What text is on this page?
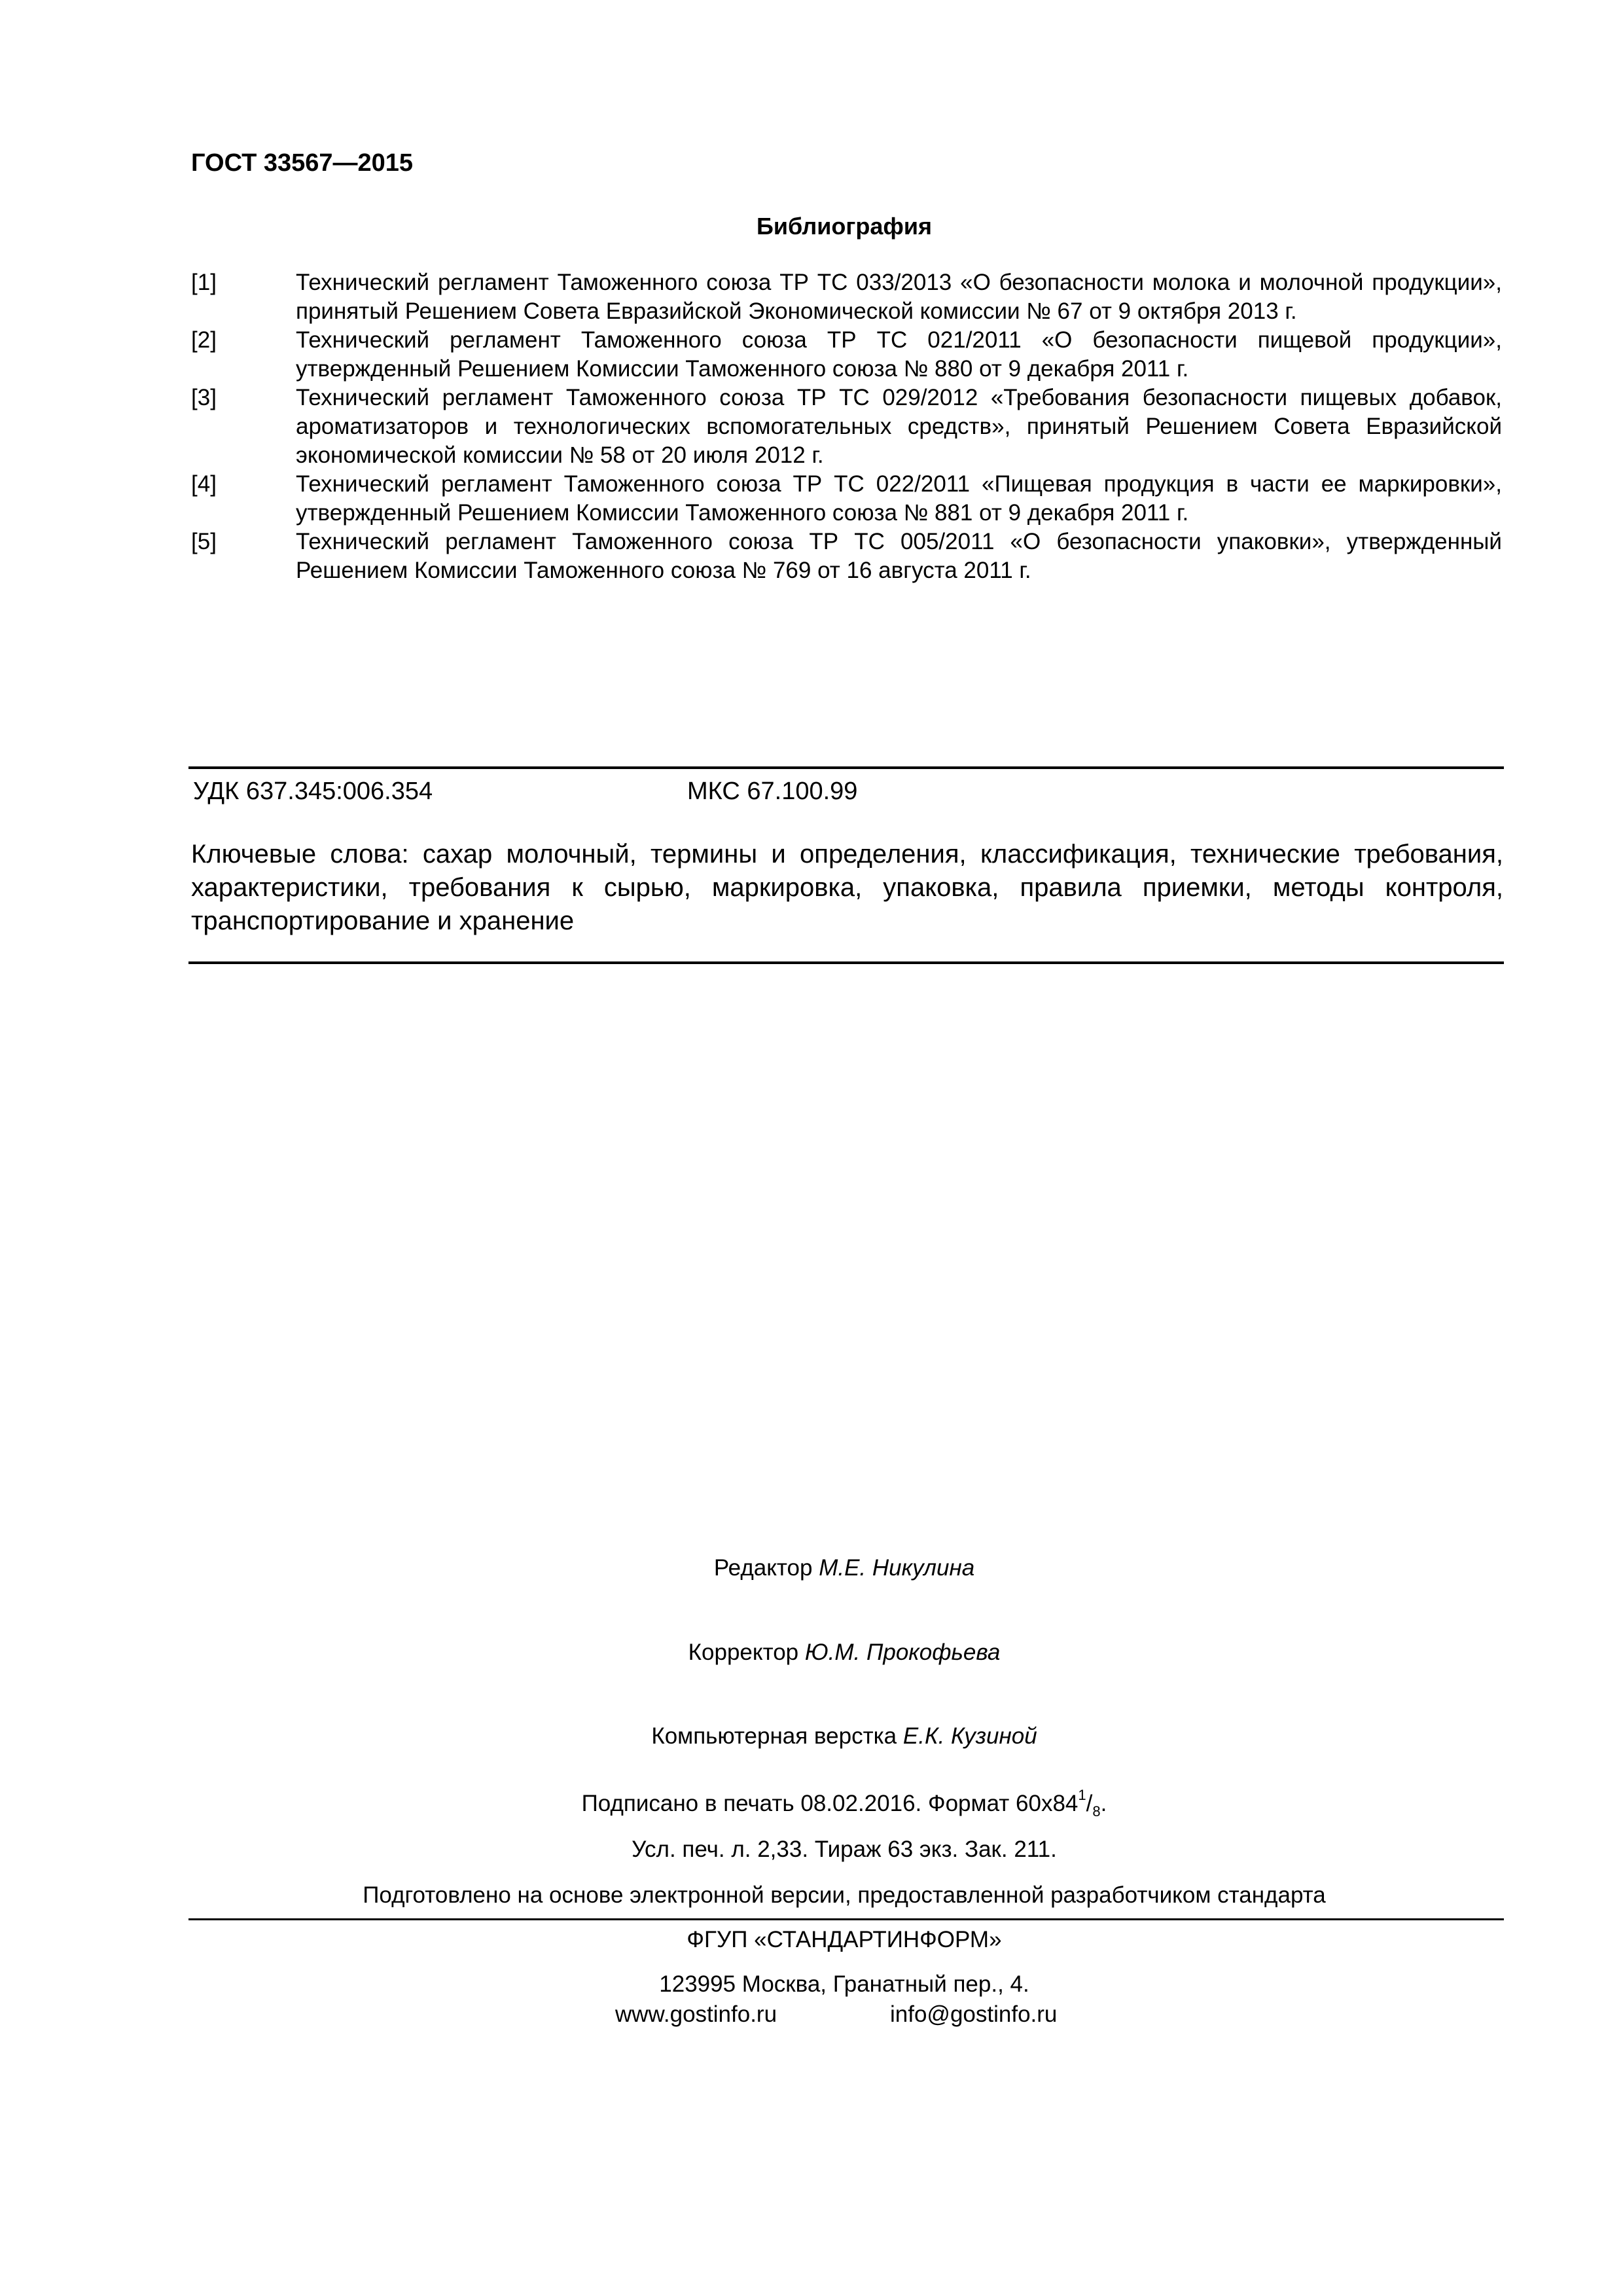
ГОСТ 33567—2015
Библиография
[1]	Технический регламент Таможенного союза ТР ТС 033/2013 «О безопасности молока и молочной продукции», принятый Решением Совета Евразийской Экономической комиссии № 67 от 9 октября 2013 г.
[2]	Технический регламент Таможенного союза ТР ТС 021/2011 «О безопасности пищевой продукции», утвержденный Решением Комиссии Таможенного союза № 880 от 9 декабря 2011 г.
[3]	Технический регламент Таможенного союза ТР ТС 029/2012 «Требования безопасности пищевых добавок, ароматизаторов и технологических вспомогательных средств», принятый Решением Совета Евразийской экономической комиссии № 58 от 20 июля 2012 г.
[4]	Технический регламент Таможенного союза ТР ТС 022/2011 «Пищевая продукция в части ее маркировки», утвержденный Решением Комиссии Таможенного союза № 881 от 9 декабря 2011 г.
[5]	Технический регламент Таможенного союза ТР ТС 005/2011 «О безопасности упаковки», утвержденный Решением Комиссии Таможенного союза № 769 от 16 августа 2011 г.
УДК 637.345:006.354	МКС 67.100.99
Ключевые слова: сахар молочный, термины и определения, классификация, технические требования, характеристики, требования к сырью, маркировка, упаковка, правила приемки, методы контроля, транспортирование и хранение
Редактор М.Е. Никулина
Корректор Ю.М. Прокофьева
Компьютерная верстка Е.К. Кузиной
Подписано в печать 08.02.2016. Формат $60x84^1/_8$.
Усл. печ. л. 2,33. Тираж 63 экз. Зак. 211.
Подготовлено на основе электронной версии, предоставленной разработчиком стандарта
ФГУП «СТАНДАРТИНФОРМ»
123995 Москва, Гранатный пер., 4.
www.gostinfo.ru	info@gostinfo.ru
